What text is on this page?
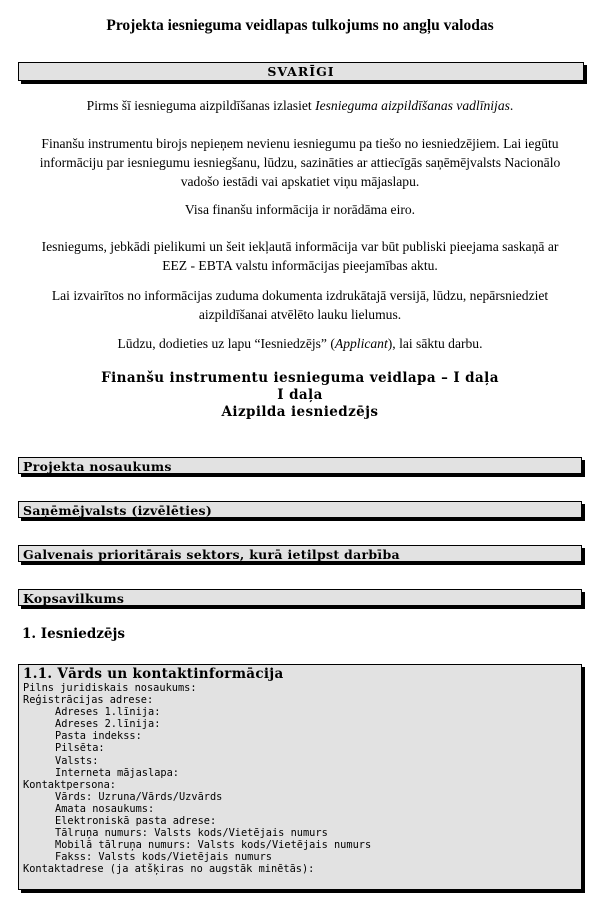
Projekta iesnieguma veidlapas tulkojums no angļu valodas
SVARĪGI
Pirms šī iesnieguma aizpildīšanas izlasiet Iesnieguma aizpildīšanas vadlīnijas.
Finanšu instrumentu birojs nepieņem nevienu iesniegumu pa tiešo no iesniedzējiem. Lai iegūtu informāciju par iesniegumu iesniegšanu, lūdzu, sazināties ar attiecīgās saņēmējvalsts Nacionālo vadošo iestādi vai apskatiet viņu mājaslapu.
Visa finanšu informācija ir norādāma eiro.
Iesniegums, jebkādi pielikumi un šeit iekļautā informācija var būt publiski pieejama saskaņā ar EEZ - EBTA valstu informācijas pieejamības aktu.
Lai izvairītos no informācijas zuduma dokumenta izdrukātajā versijā, lūdzu, nepārsniedziet aizpildīšanai atvēlēto lauku lielumus.
Lūdzu, dodieties uz lapu “Iesniedzējs” (Applicant), lai sāktu darbu.
Finanšu instrumentu iesnieguma veidlapa – I daļa
I daļa
Aizpilda iesniedzējs
Projekta nosaukums
Saņēmējvalsts (izvēlēties)
Galvenais prioritārais sektors, kurā ietilpst darbība
Kopsavilkums
1. Iesniedzējs
1.1. Vārds un kontaktinformācija
Pilns juridiskais nosaukums:
Reģistrācijas adrese:
Adreses 1.līnija:
Adreses 2.līnija:
Pasta indekss:
Pilsēta:
Valsts:
Interneta mājaslapa:
Kontaktpersona:
Vārds: Uzruna/Vārds/Uzvārds
Amata nosaukums:
Elektroniskā pasta adrese:
Tālruņa numurs: Valsts kods/Vietējais numurs
Mobilā tālruņa numurs: Valsts kods/Vietējais numurs
Fakss: Valsts kods/Vietējais numurs
Kontaktadrese (ja atšķiras no augstāk minētās):
